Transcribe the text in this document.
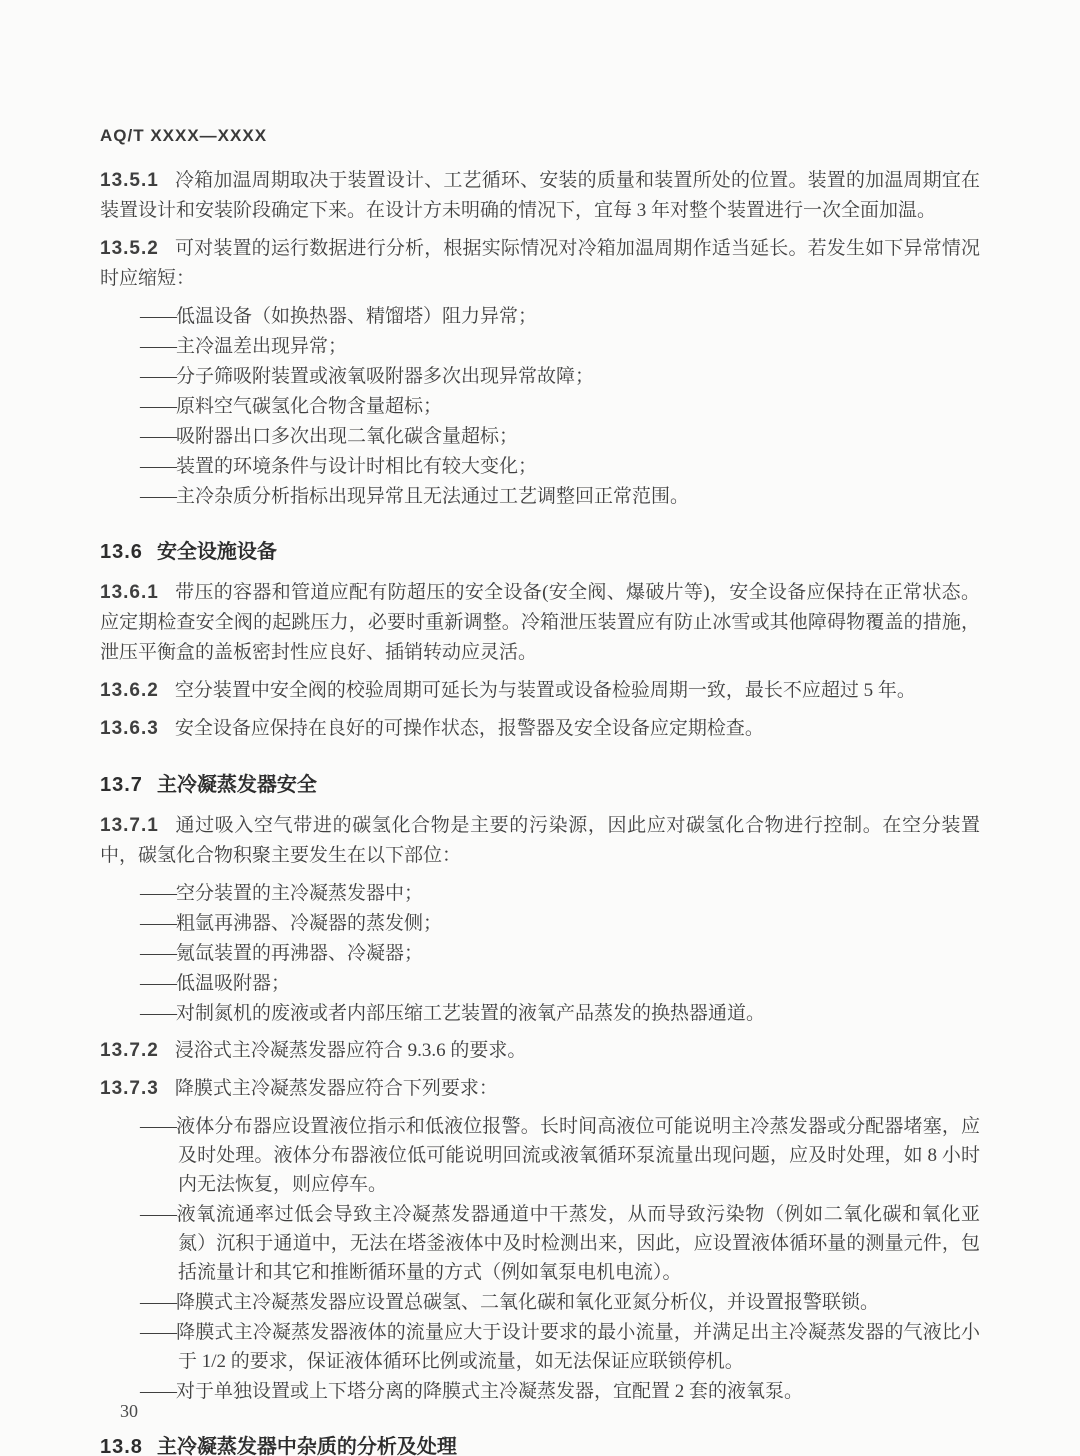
AQ/T XXXX—XXXX

13.5.1 冷箱加温周期取决于装置设计、工艺循环、安装的质量和装置所处的位置。装置的加温周期宜在装置设计和安装阶段确定下来。在设计方未明确的情况下，宜每 3 年对整个装置进行一次全面加温。

13.5.2 可对装置的运行数据进行分析，根据实际情况对冷箱加温周期作适当延长。若发生如下异常情况时应缩短：

——低温设备（如换热器、精馏塔）阻力异常；
——主冷温差出现异常；
——分子筛吸附装置或液氧吸附器多次出现异常故障；
——原料空气碳氢化合物含量超标；
——吸附器出口多次出现二氧化碳含量超标；
——装置的环境条件与设计时相比有较大变化；
——主冷杂质分析指标出现异常且无法通过工艺调整回正常范围。
13.6 安全设施设备

13.6.1 带压的容器和管道应配有防超压的安全设备(安全阀、爆破片等)，安全设备应保持在正常状态。应定期检查安全阀的起跳压力，必要时重新调整。冷箱泄压装置应有防止冰雪或其他障碍物覆盖的措施，泄压平衡盒的盖板密封性应良好、插销转动应灵活。

13.6.2 空分装置中安全阀的校验周期可延长为与装置或设备检验周期一致，最长不应超过 5 年。

13.6.3 安全设备应保持在良好的可操作状态，报警器及安全设备应定期检查。

13.7 主冷凝蒸发器安全

13.7.1 通过吸入空气带进的碳氢化合物是主要的污染源，因此应对碳氢化合物进行控制。在空分装置中，碳氢化合物积聚主要发生在以下部位：

——空分装置的主冷凝蒸发器中；
——粗氩再沸器、冷凝器的蒸发侧；
——氪氙装置的再沸器、冷凝器；
——低温吸附器；
——对制氮机的废液或者内部压缩工艺装置的液氧产品蒸发的换热器通道。

13.7.2 浸浴式主冷凝蒸发器应符合 9.3.6 的要求。

13.7.3 降膜式主冷凝蒸发器应符合下列要求：

——液体分布器应设置液位指示和低液位报警。长时间高液位可能说明主冷蒸发器或分配器堵塞，应及时处理。液体分布器液位低可能说明回流或液氧循环泵流量出现问题，应及时处理，如 8 小时内无法恢复，则应停车。
——液氧流通率过低会导致主冷凝蒸发器通道中干蒸发，从而导致污染物（例如二氧化碳和氧化亚氮）沉积于通道中，无法在塔釜液体中及时检测出来，因此，应设置液体循环量的测量元件，包括流量计和其它和推断循环量的方式（例如氧泵电机电流）。
——降膜式主冷凝蒸发器应设置总碳氢、二氧化碳和氧化亚氮分析仪，并设置报警联锁。
——降膜式主冷凝蒸发器液体的流量应大于设计要求的最小流量，并满足出主冷凝蒸发器的气液比小于 1/2 的要求，保证液体循环比例或流量，如无法保证应联锁停机。
——对于单独设置或上下塔分离的降膜式主冷凝蒸发器，宜配置 2 套的液氧泵。
13.8 主冷凝蒸发器中杂质的分析及处理
30
